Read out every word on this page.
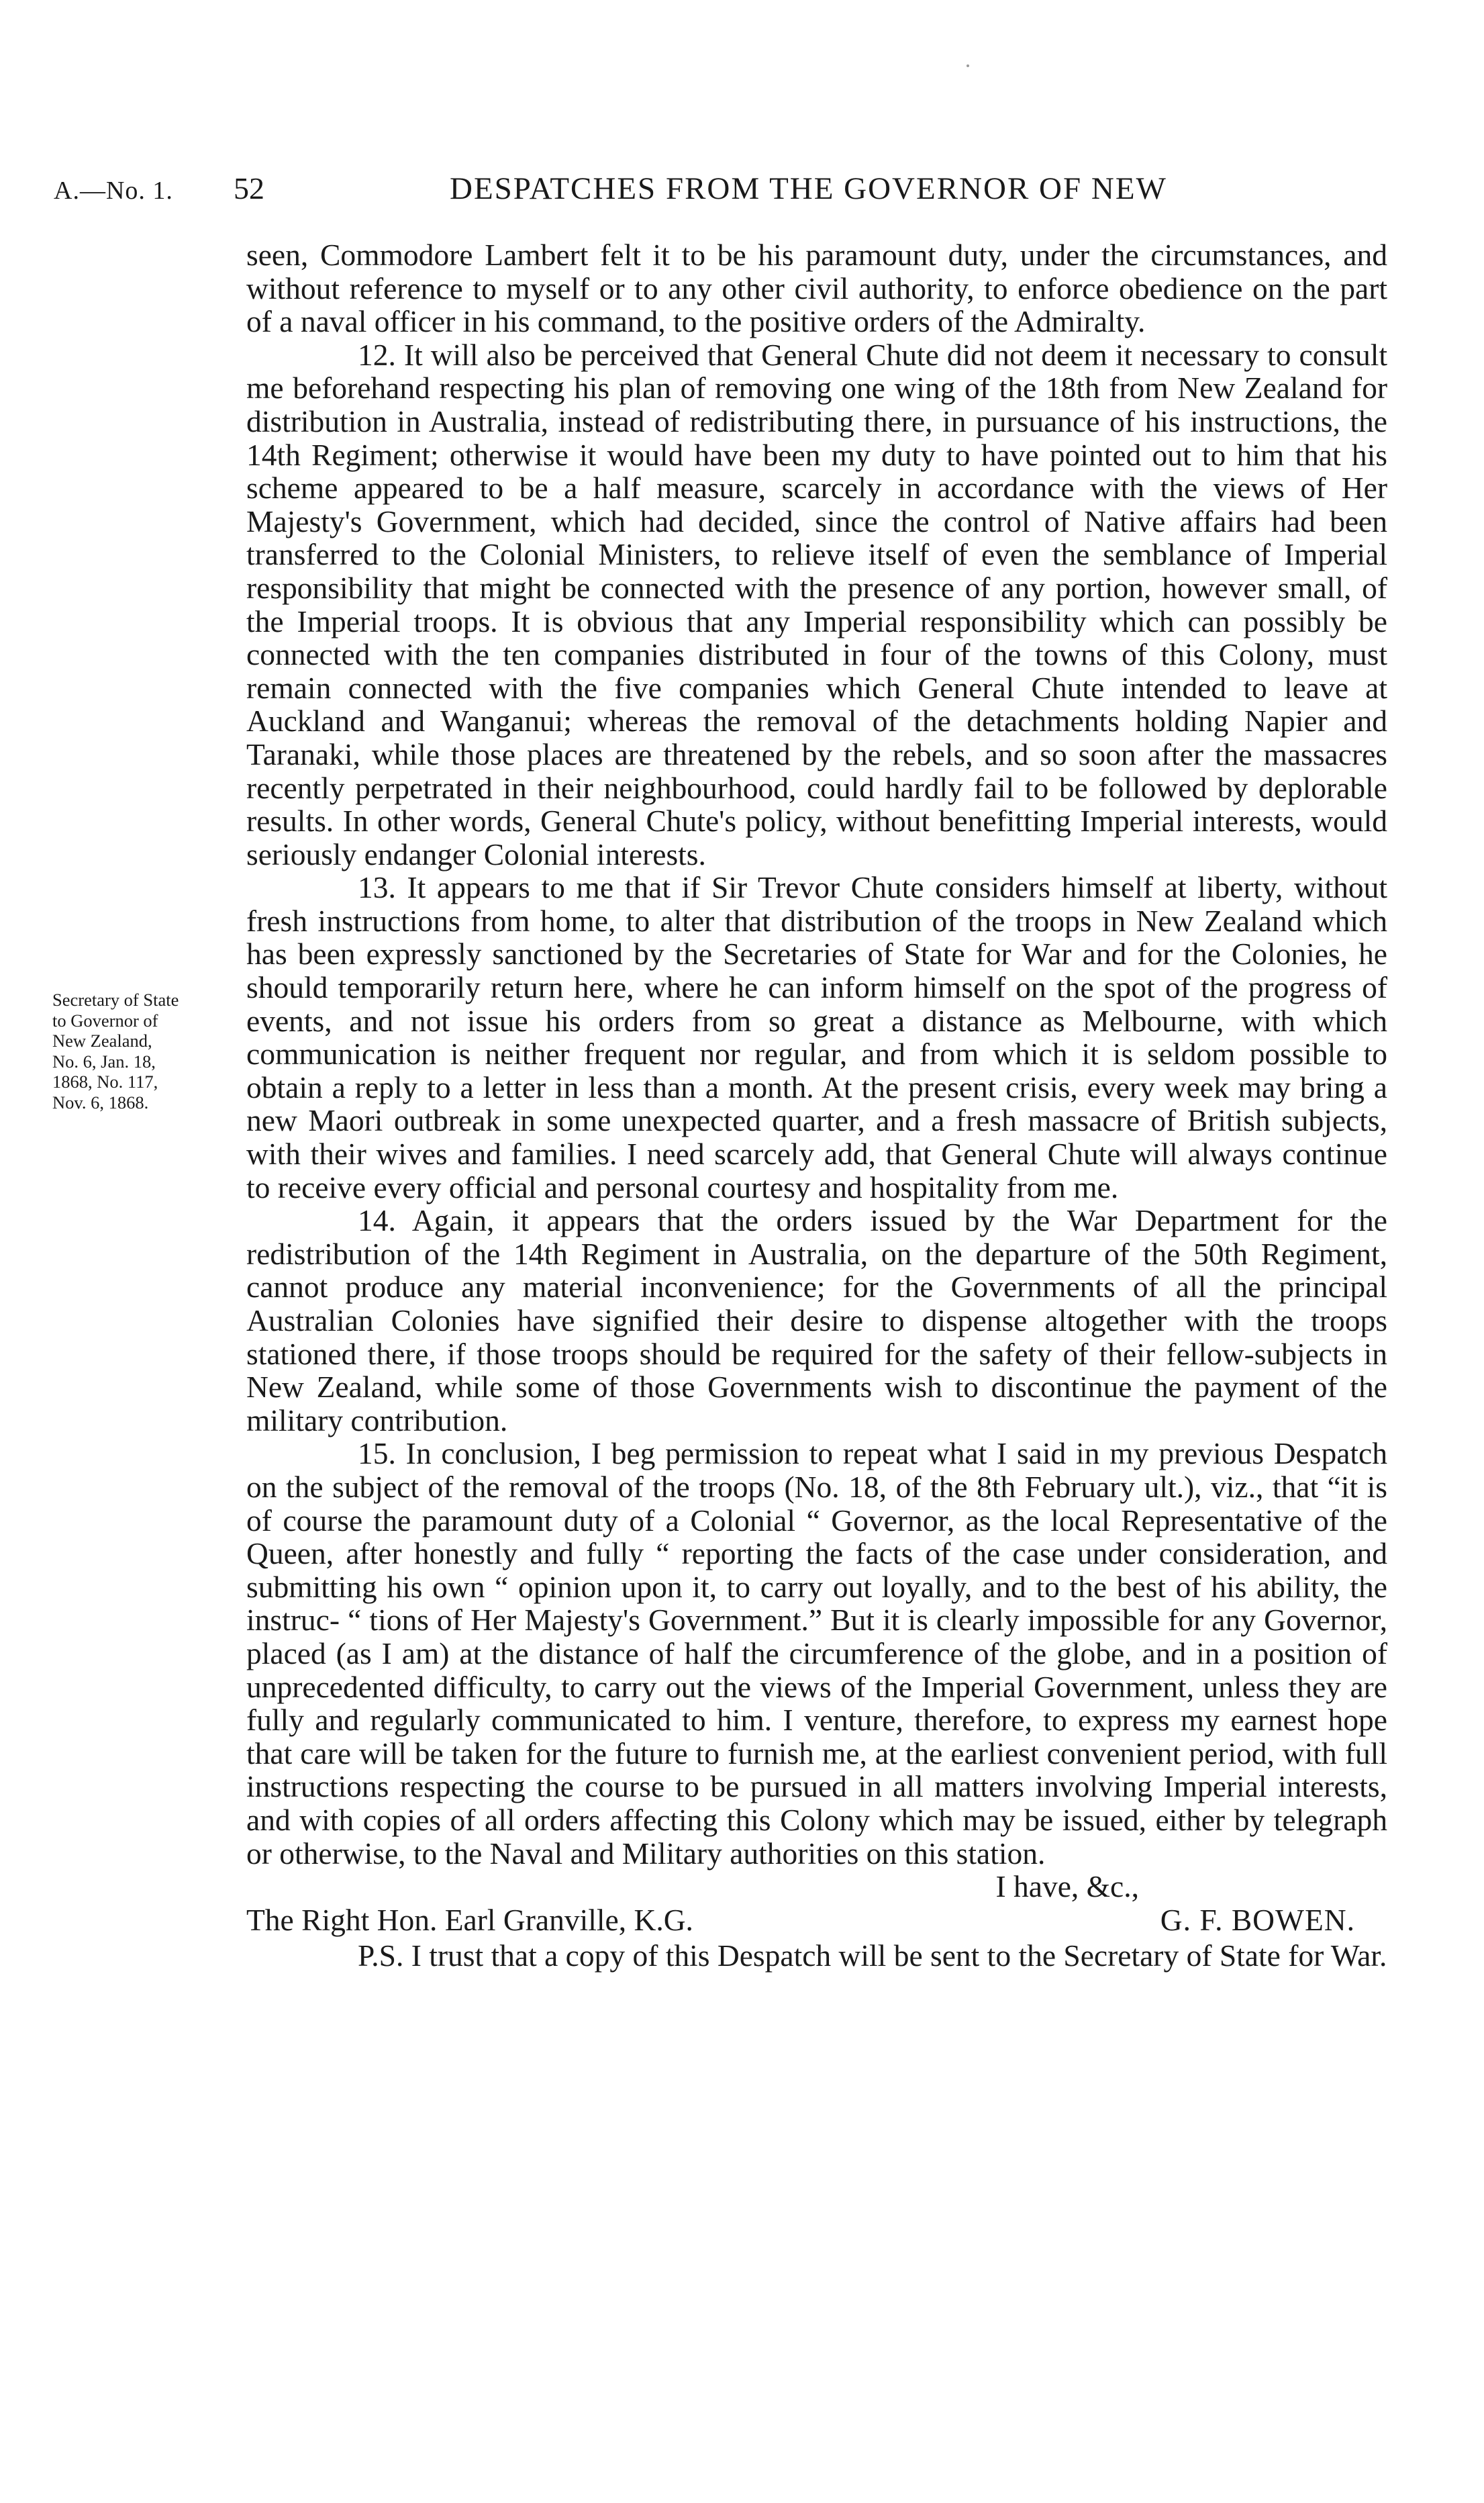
A.—No. 1. 52	DESPATCHES FROM THE GOVERNOR OF NEW
Secretary of State
to Governor of
New Zealand,
No. 6, Jan. 18,
1868, No. 117,
Nov. 6, 1868.

seen, Commodore Lambert felt it to be his paramount duty, under the circumstances, and without reference to myself or to any other civil authority, to enforce obedience on the part of a naval officer in his command, to the positive orders of the Admiralty.

12. It will also be perceived that General Chute did not deem it necessary to consult me beforehand respecting his plan of removing one wing of the 18th from New Zealand for distribution in Australia, instead of redistributing there, in pursuance of his instructions, the 14th Regiment; otherwise it would have been my duty to have pointed out to him that his scheme appeared to be a half measure, scarcely in accordance with the views of Her Majesty's Government, which had decided, since the control of Native affairs had been transferred to the Colonial Ministers, to relieve itself of even the semblance of Imperial responsibility that might be connected with the presence of any portion, however small, of the Imperial troops. It is obvious that any Imperial responsibility which can possibly be connected with the ten companies distributed in four of the towns of this Colony, must remain connected with the five companies which General Chute intended to leave at Auckland and Wanganui; whereas the removal of the detachments holding Napier and Taranaki, while those places are threatened by the rebels, and so soon after the massacres recently perpetrated in their neighbourhood, could hardly fail to be followed by deplorable results. In other words, General Chute's policy, without benefitting Imperial interests, would seriously endanger Colonial interests.

13. It appears to me that if Sir Trevor Chute considers himself at liberty, without fresh instructions from home, to alter that distribution of the troops in New Zealand which has been expressly sanctioned by the Secretaries of State for War and for the Colonies, he should temporarily return here, where he can inform himself on the spot of the progress of events, and not issue his orders from so great a distance as Melbourne, with which communication is neither frequent nor regular, and from which it is seldom possible to obtain a reply to a letter in less than a month. At the present crisis, every week may bring a new Maori outbreak in some unexpected quarter, and a fresh massacre of British subjects, with their wives and families. I need scarcely add, that General Chute will always continue to receive every official and personal courtesy and hospitality from me.

14. Again, it appears that the orders issued by the War Department for the redistribution of the 14th Regiment in Australia, on the departure of the 50th Regiment, cannot produce any material inconvenience; for the Governments of all the principal Australian Colonies have signified their desire to dispense altogether with the troops stationed there, if those troops should be required for the safety of their fellow-subjects in New Zealand, while some of those Governments wish to discontinue the payment of the military contribution.

15. In conclusion, I beg permission to repeat what I said in my previous Despatch on the subject of the removal of the troops (No. 18, of the 8th February ult.), viz., that “it is of course the paramount duty of a Colonial “ Governor, as the local Representative of the Queen, after honestly and fully “ reporting the facts of the case under consideration, and submitting his own “ opinion upon it, to carry out loyally, and to the best of his ability, the instruc- “ tions of Her Majesty's Government.” But it is clearly impossible for any Governor, placed (as I am) at the distance of half the circumference of the globe, and in a position of unprecedented difficulty, to carry out the views of the Imperial Government, unless they are fully and regularly communicated to him. I venture, therefore, to express my earnest hope that care will be taken for the future to furnish me, at the earliest convenient period, with full instructions respecting the course to be pursued in all matters involving Imperial interests, and with copies of all orders affecting this Colony which may be issued, either by telegraph or otherwise, to the Naval and Military authorities on this station.

I have, &c.,

The Right Hon. Earl Granville, K.G.	G. F. BOWEN.

P.S. I trust that a copy of this Despatch will be sent to the Secretary of State for War.
